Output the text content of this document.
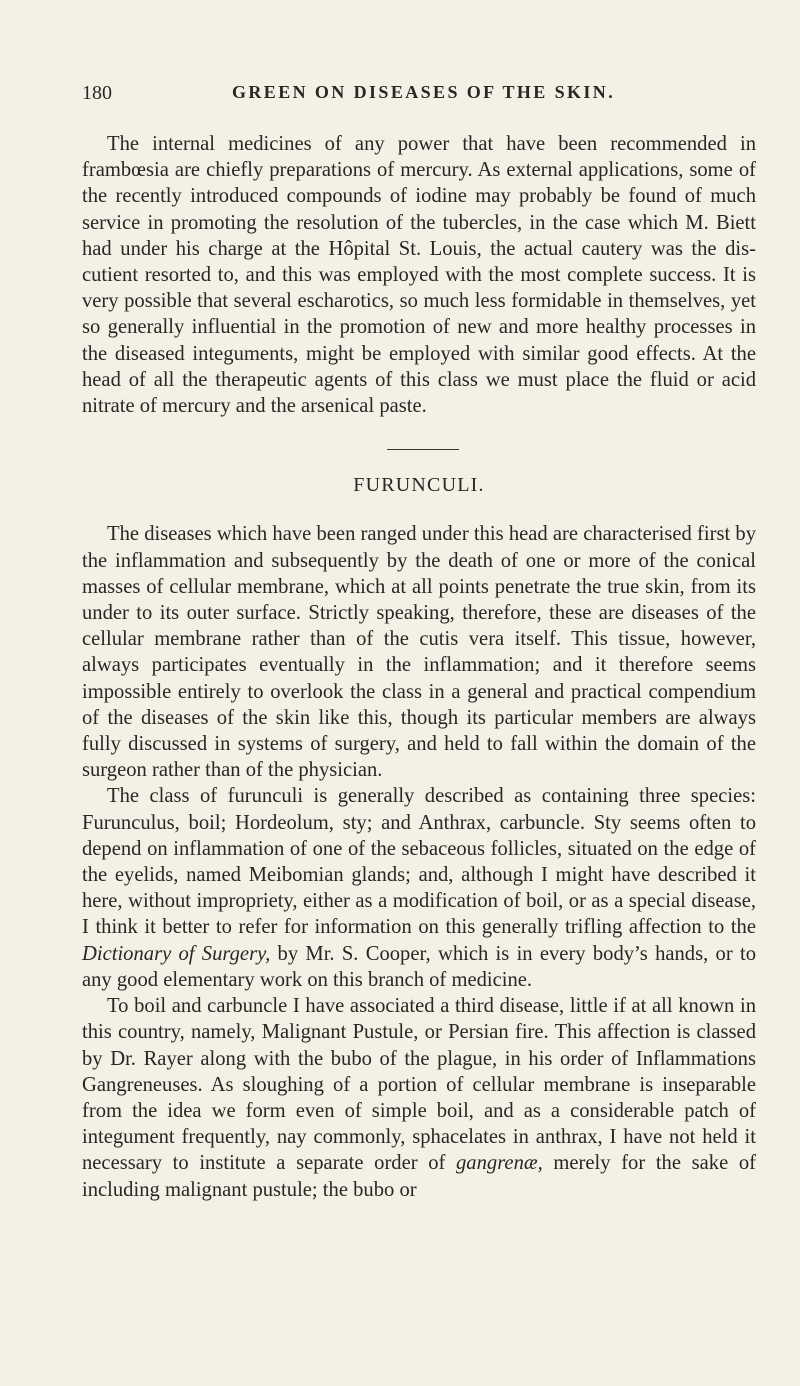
180	GREEN ON DISEASES OF THE SKIN.

The internal medicines of any power that have been recommended in frambœsia are chiefly preparations of mercury. As external applications, some of the recently introduced compounds of iodine may probably be found of much service in promoting the resolution of the tubercles, in the case which M. Biett had under his charge at the Hôpital St. Louis, the actual cautery was the discutient resorted to, and this was employed with the most complete success. It is very possible that several escharotics, so much less formidable in themselves, yet so generally influential in the promotion of new and more healthy processes in the diseased integuments, might be employed with similar good effects. At the head of all the therapeutic agents of this class we must place the fluid or acid nitrate of mercury and the arsenical paste.

FURUNCULI.

The diseases which have been ranged under this head are characterised first by the inflammation and subsequently by the death of one or more of the conical masses of cellular membrane, which at all points penetrate the true skin, from its under to its outer surface. Strictly speaking, therefore, these are diseases of the cellular membrane rather than of the cutis vera itself. This tissue, however, always participates eventually in the inflammation; and it therefore seems impossible entirely to overlook the class in a general and practical compendium of the diseases of the skin like this, though its particular members are always fully discussed in systems of surgery, and held to fall within the domain of the surgeon rather than of the physician.

The class of furunculi is generally described as containing three species: Furunculus, boil; Hordeolum, sty; and Anthrax, carbuncle. Sty seems often to depend on inflammation of one of the sebaceous follicles, situated on the edge of the eyelids, named Meibomian glands; and, although I might have described it here, without impropriety, either as a modification of boil, or as a special disease, I think it better to refer for information on this generally trifling affection to the Dictionary of Surgery, by Mr. S. Cooper, which is in every body’s hands, or to any good elementary work on this branch of medicine.

To boil and carbuncle I have associated a third disease, little if at all known in this country, namely, Malignant Pustule, or Persian fire. This affection is classed by Dr. Rayer along with the bubo of the plague, in his order of Inflammations Gangreneuses. As sloughing of a portion of cellular membrane is inseparable from the idea we form even of simple boil, and as a considerable patch of integument frequently, nay commonly, sphacelates in anthrax, I have not held it necessary to institute a separate order of gangrenæ, merely for the sake of including malignant pustule; the bubo or
